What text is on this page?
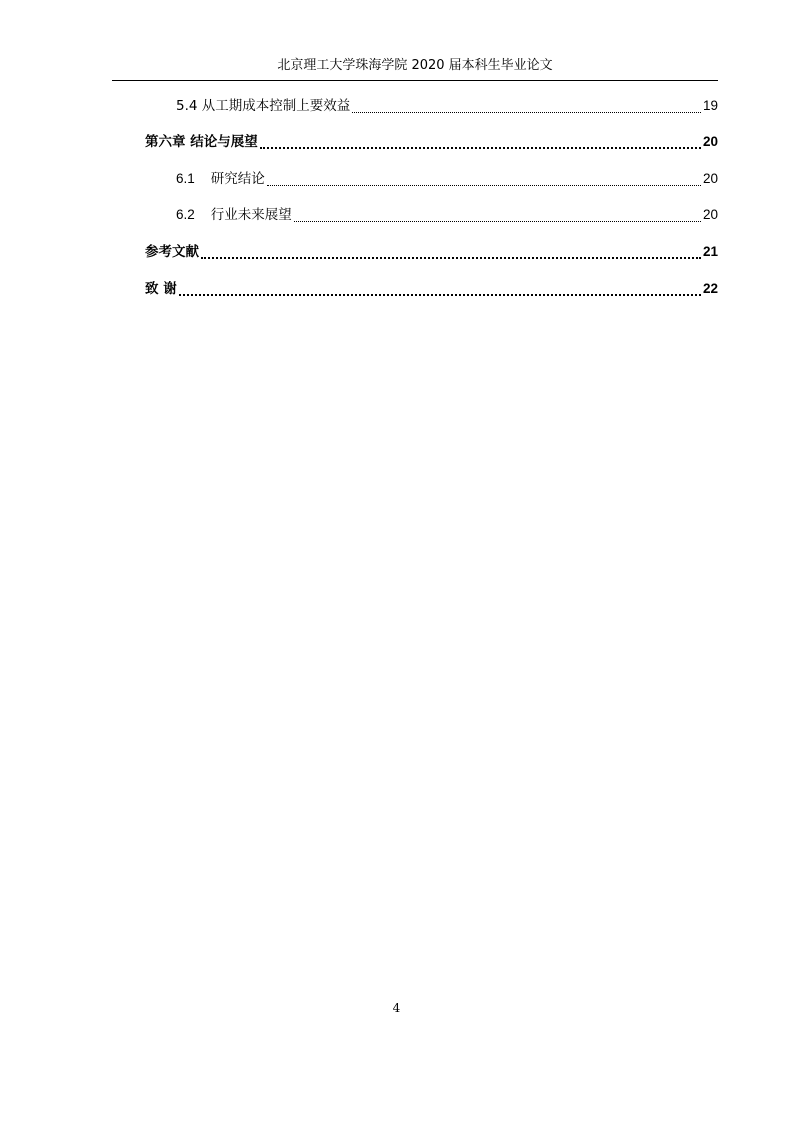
北京理工大学珠海学院 2020 届本科生毕业论文
5.4 从工期成本控制上要效益	19
第六章 结论与展望	20
6.1 研究结论	20
6.2 行业未来展望	20
参考文献	21
致 谢	22
4
